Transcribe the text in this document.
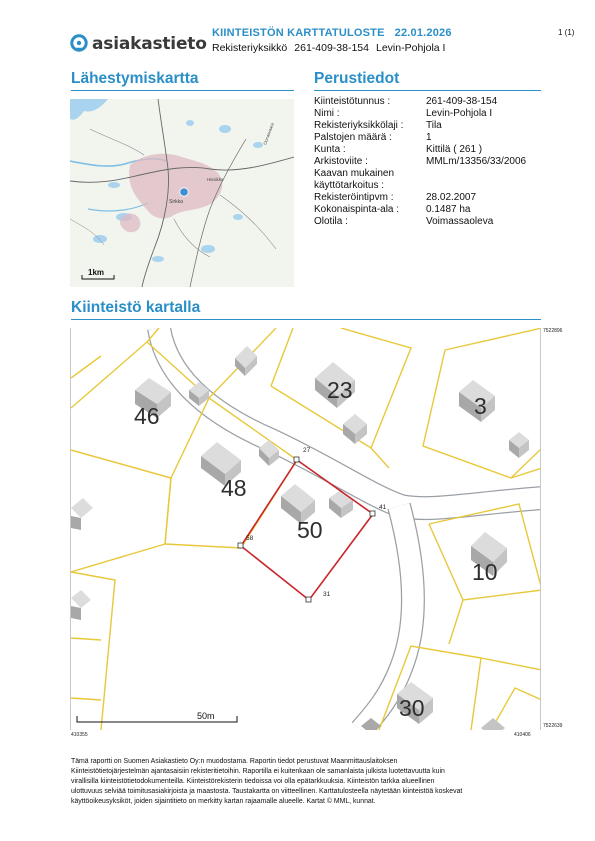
asiakastieto
KIINTEISTÖN KARTTATULOSTE 22.01.2026
Rekisteriyksikkö 261-409-38-154 Levin-Pohjola I
1 (1)
Lähestymiskartta	Perustiedot
Kiinteistö kartalla
Kiinteistötunnus :	261-409-38-154
Nimi :	Levin-Pohjola I
Rekisteriyksikkölaji :	Tila
Palstojen määrä :	1
Kunta :	Kittilä ( 261 )
Arkistoviite :	MMLm/13356/33/2006
Kaavan mukainen
käyttötarkoitus :
Rekisteröintipvm :	28.02.2007
Kokonaispinta-ala :	0.1487 ha
Olotila :	Voimassaoleva
Sirkka
Hissikka
Ounasvaara
1km
27
41
58
31
46
23
3
48
50
10
30
50m
7522896
7522639
410355	410406
Tämä raportti on Suomen Asiakastieto Oy:n muodostama. Raportin tiedot perustuvat Maanmittauslaitoksen
Kiinteistötietojärjestelmän ajantasaisiin rekisteritietoihin. Raportilla ei kuitenkaan ole samanlaista julkista luotettavuutta kuin
virallisilla kiinteistötietodokumenteilla. Kiinteistörekisterin tiedoissa voi olla epätarkkuuksia. Kiinteistön tarkka alueellinen
ulottuvuus selviää toimitusasiakirjoista ja maastosta. Taustakartta on viitteellinen. Karttatulosteella näytetään kiinteistöä koskevat
käyttöoikeusyksiköt, joiden sijaintitieto on merkitty kartan rajaamalle alueelle. Kartat © MML, kunnat.
